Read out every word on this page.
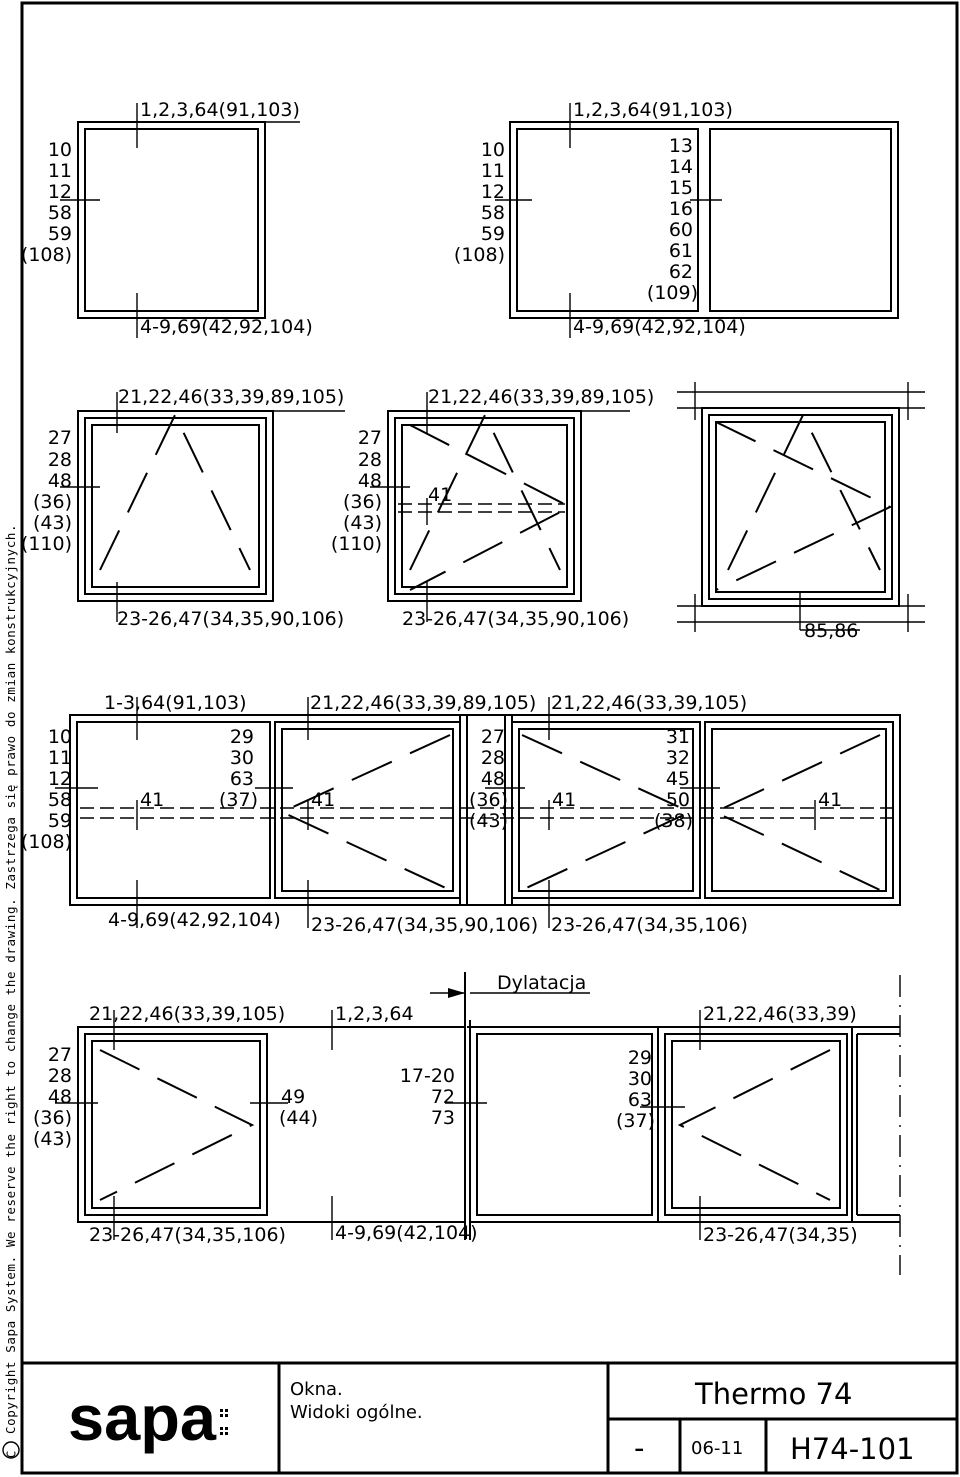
C
Copyright Sapa System. We reserve the right to change the drawing. Zastrzega się prawo do zmian konstrukcyjnych.
1,2,3,64(91,103)
10
11
12
58
59
(108)
4-9,69(42,92,104)
1,2,3,64(91,103)
10
11
12
58
59
(108)
13
14
15
16
60
61
62
(109)
4-9,69(42,92,104)
21,22,46(33,39,89,105)
27
28
48
(36)
(43)
(110)
23-26,47(34,35,90,106)
21,22,46(33,39,89,105)
27
28
48
(36)
(43)
(110)
41
23-26,47(34,35,90,106)
85,86
1-3,64(91,103)	21,22,46(33,39,89,105) 21,22,46(33,39,105)
10
11
12
58
59
(108)
29
30
63
(37)
27
28
48
(36)
(43)
31
32
45
50
(38)
41	41	41	41
4-9,69(42,92,104) 23-26,47(34,35,90,106) 23-26,47(34,35,106)
Dylatacja
21,22,46(33,39,105)	1,2,3,64	21,22,46(33,39)
27
28
48
(36)
(43)
49
(44)
17-20
72
73
29
30
63
(37)
23-26,47(34,35,106)	4-9,69(42,104)	23-26,47(34,35)
sapa	Okna.
Widoki ogólne.
Thermo 74
-	06-11 H74-101
